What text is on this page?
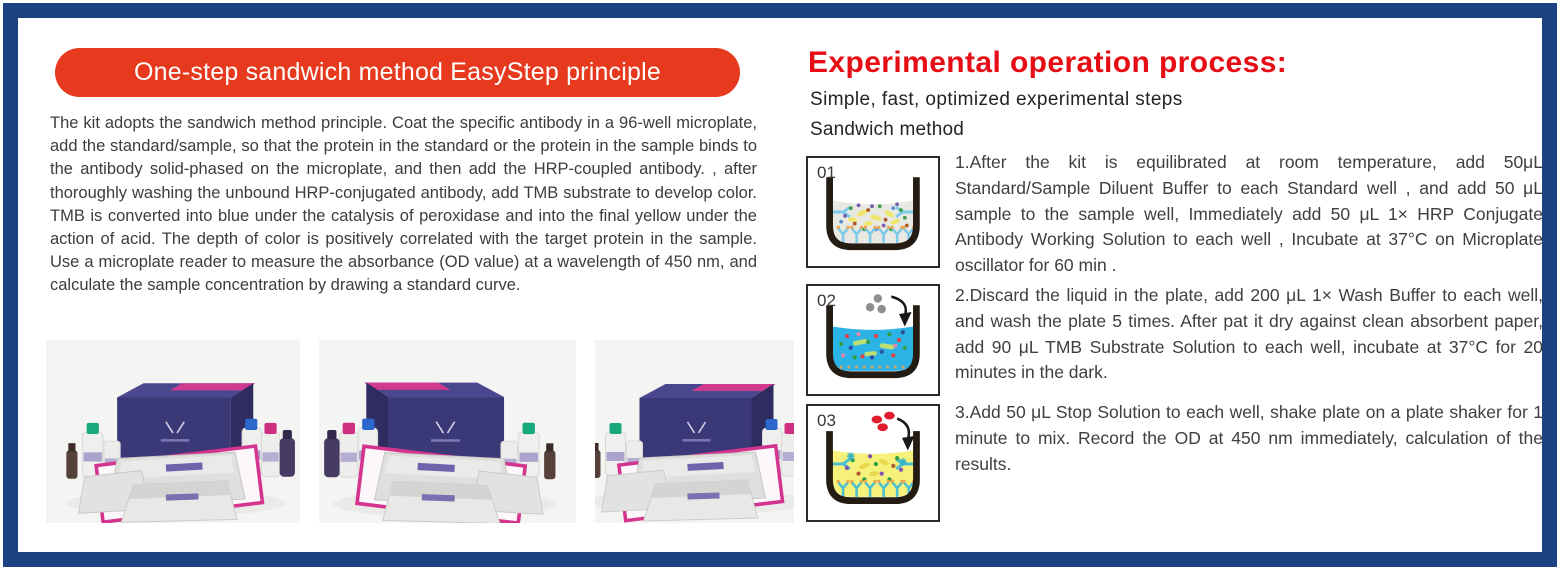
One-step sandwich method EasyStep principle

The kit adopts the sandwich method principle. Coat the specific antibody in a 96-well microplate, add the standard/sample, so that the protein in the standard or the protein in the sample binds to the antibody solid-phased on the microplate, and then add the HRP-coupled antibody. , after thoroughly washing the unbound HRP-conjugated antibody, add TMB substrate to develop color. TMB is converted into blue under the catalysis of peroxidase and into the final yellow under the action of acid. The depth of color is positively correlated with the target protein in the sample. Use a microplate reader to measure the absorbance (OD value) at a wavelength of 450 nm, and calculate the sample concentration by drawing a standard curve.

Experimental operation process:
Simple, fast, optimized experimental steps
Sandwich method
01

1.After the kit is equilibrated at room temperature, add 50μL Standard/Sample Diluent Buffer to each Standard well , and add 50 μL sample to the sample well, Immediately add 50 μL 1× HRP Conjugate Antibody Working Solution to each well , Incubate at 37°C on Microplate oscillator for 60 min .

02	2.Discard the liquid in the plate, add 200 μL 1× Wash Buffer to each well, and wash the plate 5 times. After pat it dry against clean absorbent paper, add 90 μL TMB Substrate Solution to each well, incubate at 37°C for 20 minutes in the dark.

03	3.Add 50 μL Stop Solution to each well, shake plate on a plate shaker for 1 minute to mix. Record the OD at 450 nm immediately, calculation of the results.
